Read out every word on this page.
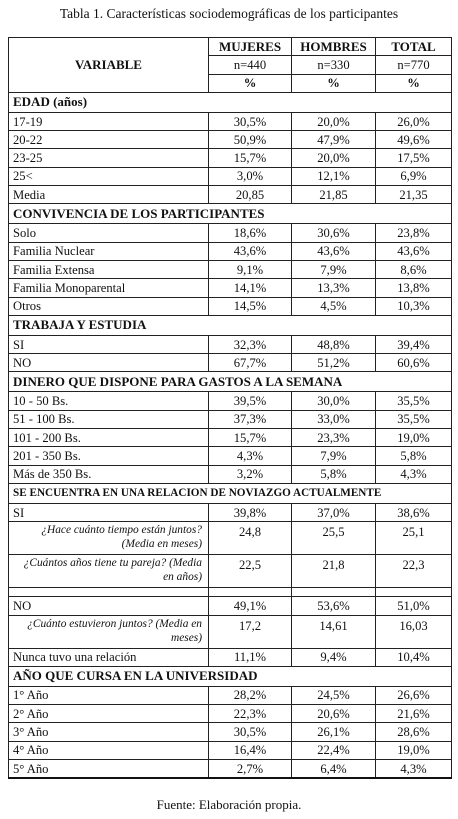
Tabla 1. Características sociodemográficas de los participantes
VARIABLE	MUJERES	HOMBRES	TOTAL
	n=440	n=330	n=770
	%	%	%
EDAD (años)			
17-19	30,5%	20,0%	26,0%
20-22	50,9%	47,9%	49,6%
23-25	15,7%	20,0%	17,5%
25<	3,0%	12,1%	6,9%
Media	20,85	21,85	21,35
CONVIVENCIA DE LOS PARTICIPANTES			
Solo	18,6%	30,6%	23,8%
Familia Nuclear	43,6%	43,6%	43,6%
Familia Extensa	9,1%	7,9%	8,6%
Familia Monoparental	14,1%	13,3%	13,8%
Otros	14,5%	4,5%	10,3%
TRABAJA Y ESTUDIA			
SI	32,3%	48,8%	39,4%
NO	67,7%	51,2%	60,6%
DINERO QUE DISPONE PARA GASTOS A LA SEMANA			
10 - 50 Bs.	39,5%	30,0%	35,5%
51 - 100 Bs.	37,3%	33,0%	35,5%
101 - 200 Bs.	15,7%	23,3%	19,0%
201 - 350 Bs.	4,3%	7,9%	5,8%
Más de 350 Bs.	3,2%	5,8%	4,3%
SE ENCUENTRA EN UNA RELACION DE NOVIAZGO ACTUALMENTE			
SI	39,8%	37,0%	38,6%
¿Hace cuánto tiempo están juntos? (Media en meses)	24,8	25,5	25,1
¿Cuántos años tiene tu pareja? (Media en años)	22,5	21,8	22,3

NO	49,1%	53,6%	51,0%
¿Cuánto estuvieron juntos? (Media en meses)	17,2	14,61	16,03
Nunca tuvo una relación	11,1%	9,4%	10,4%
AÑO QUE CURSA EN LA UNIVERSIDAD			
1° Año	28,2%	24,5%	26,6%
2° Año	22,3%	20,6%	21,6%
3° Año	30,5%	26,1%	28,6%
4° Año	16,4%	22,4%	19,0%
5° Año	2,7%	6,4%	4,3%
Fuente: Elaboración propia.
